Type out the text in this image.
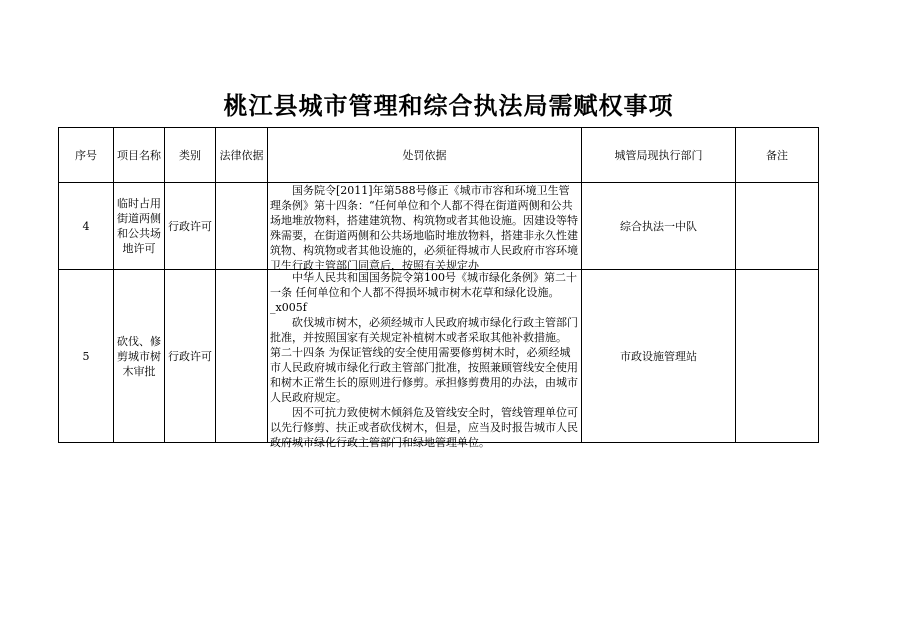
桃江县城市管理和综合执法局需赋权事项
序号	项目名称	类别	法律依据	处罚依据	城管局现执行部门	备注
4	临时占用街道两侧和公共场地许可	行政许可		国务院令[2011]年第588号修正《城市市容和环境卫生管理条例》第十四条：“任何单位和个人都不得在街道两侧和公共场地堆放物料，搭建建筑物、构筑物或者其他设施。因建设等特殊需要，在街道两侧和公共场地临时堆放物料，搭建非永久性建筑物、构筑物或者其他设施的，必须征得城市人民政府市容环境卫生行政主管部门同意后，按照有关规定办	综合执法一中队	
5	砍伐、修剪城市树木审批	行政许可		中华人民共和国国务院令第100号《城市绿化条例》第二十一条 任何单位和个人都不得损坏城市树木花草和绿化设施。_x005f

砍伐城市树木，必须经城市人民政府城市绿化行政主管部门批准，并按照国家有关规定补植树木或者采取其他补救措施。 第二十四条 为保证管线的安全使用需要修剪树木时，必须经城市人民政府城市绿化行政主管部门批准，按照兼顾管线安全使用和树木正常生长的原则进行修剪。承担修剪费用的办法，由城市人民政府规定。

因不可抗力致使树木倾斜危及管线安全时，管线管理单位可以先行修剪、扶正或者砍伐树木，但是，应当及时报告城市人民政府城市绿化行政主管部门和绿地管理单位。	市政设施管理站	
